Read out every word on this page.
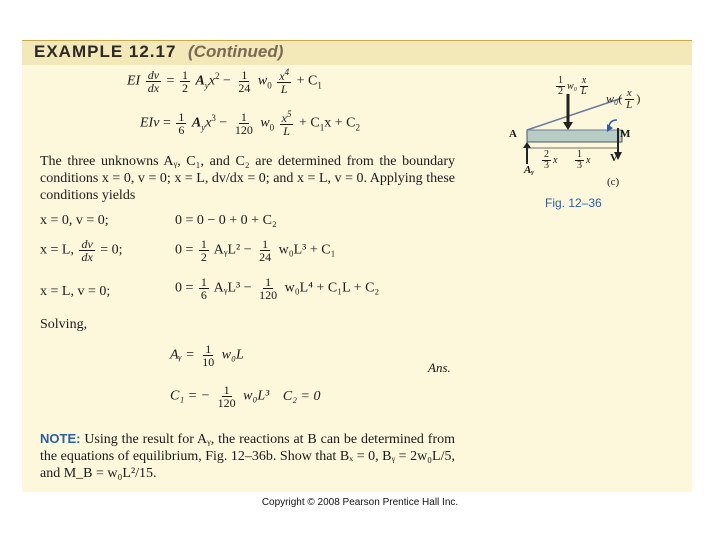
EXAMPLE 12.17 (Continued)
EI $\frac{dv}{dx} = \frac{1}{2} A_yx^2 - \frac{1}{24} w_0 \frac{x^4}{L} + C_1$
EIv = $\frac{1}{6} A_yx^3 - \frac{1}{120} w_0 \frac{x^5}{L} + C_1x + C_2$
The three unknowns Aᵧ, C₁, and C₂ are determined from the boundary conditions x = 0, v = 0; x = L, dv/dx = 0; and x = L, v = 0. Applying these conditions yields
x = 0, v = 0;	0 = 0 − 0 + 0 + C₂
x = L, $\frac{dv}{dx} = 0$;	$0 = \frac{1}{2}$ AᵧL² − $\frac{1}{24} w_0L^3 + C_1$
x = L, v = 0;	$0 = \frac{1}{6}$ AᵧL³ − $\frac{1}{120} w_0L^4 + C_1L + C_2$
Solving,
Aᵧ = $\frac{1}{10} w_0L$
Ans.
C₁ = − $\frac{1}{120} w_0L^3$ C₂ = 0
NOTE: Using the result for Aᵧ, the reactions at B can be determined from the equations of equilibrium, Fig. 12–36b. Show that Bₓ = 0, Bᵧ = 2w₀L/5, and M_B = w₀L²/15.
$\frac{1}{2} w_0 \frac{x}{L}$
$w_0( \frac{x}{L}$ )
A
Aᵧ
M
V
(c)
$\frac{2}{3}$ x $\frac{1}{3}$ x
Fig. 12–36
Copyright © 2008 Pearson Prentice Hall Inc.
